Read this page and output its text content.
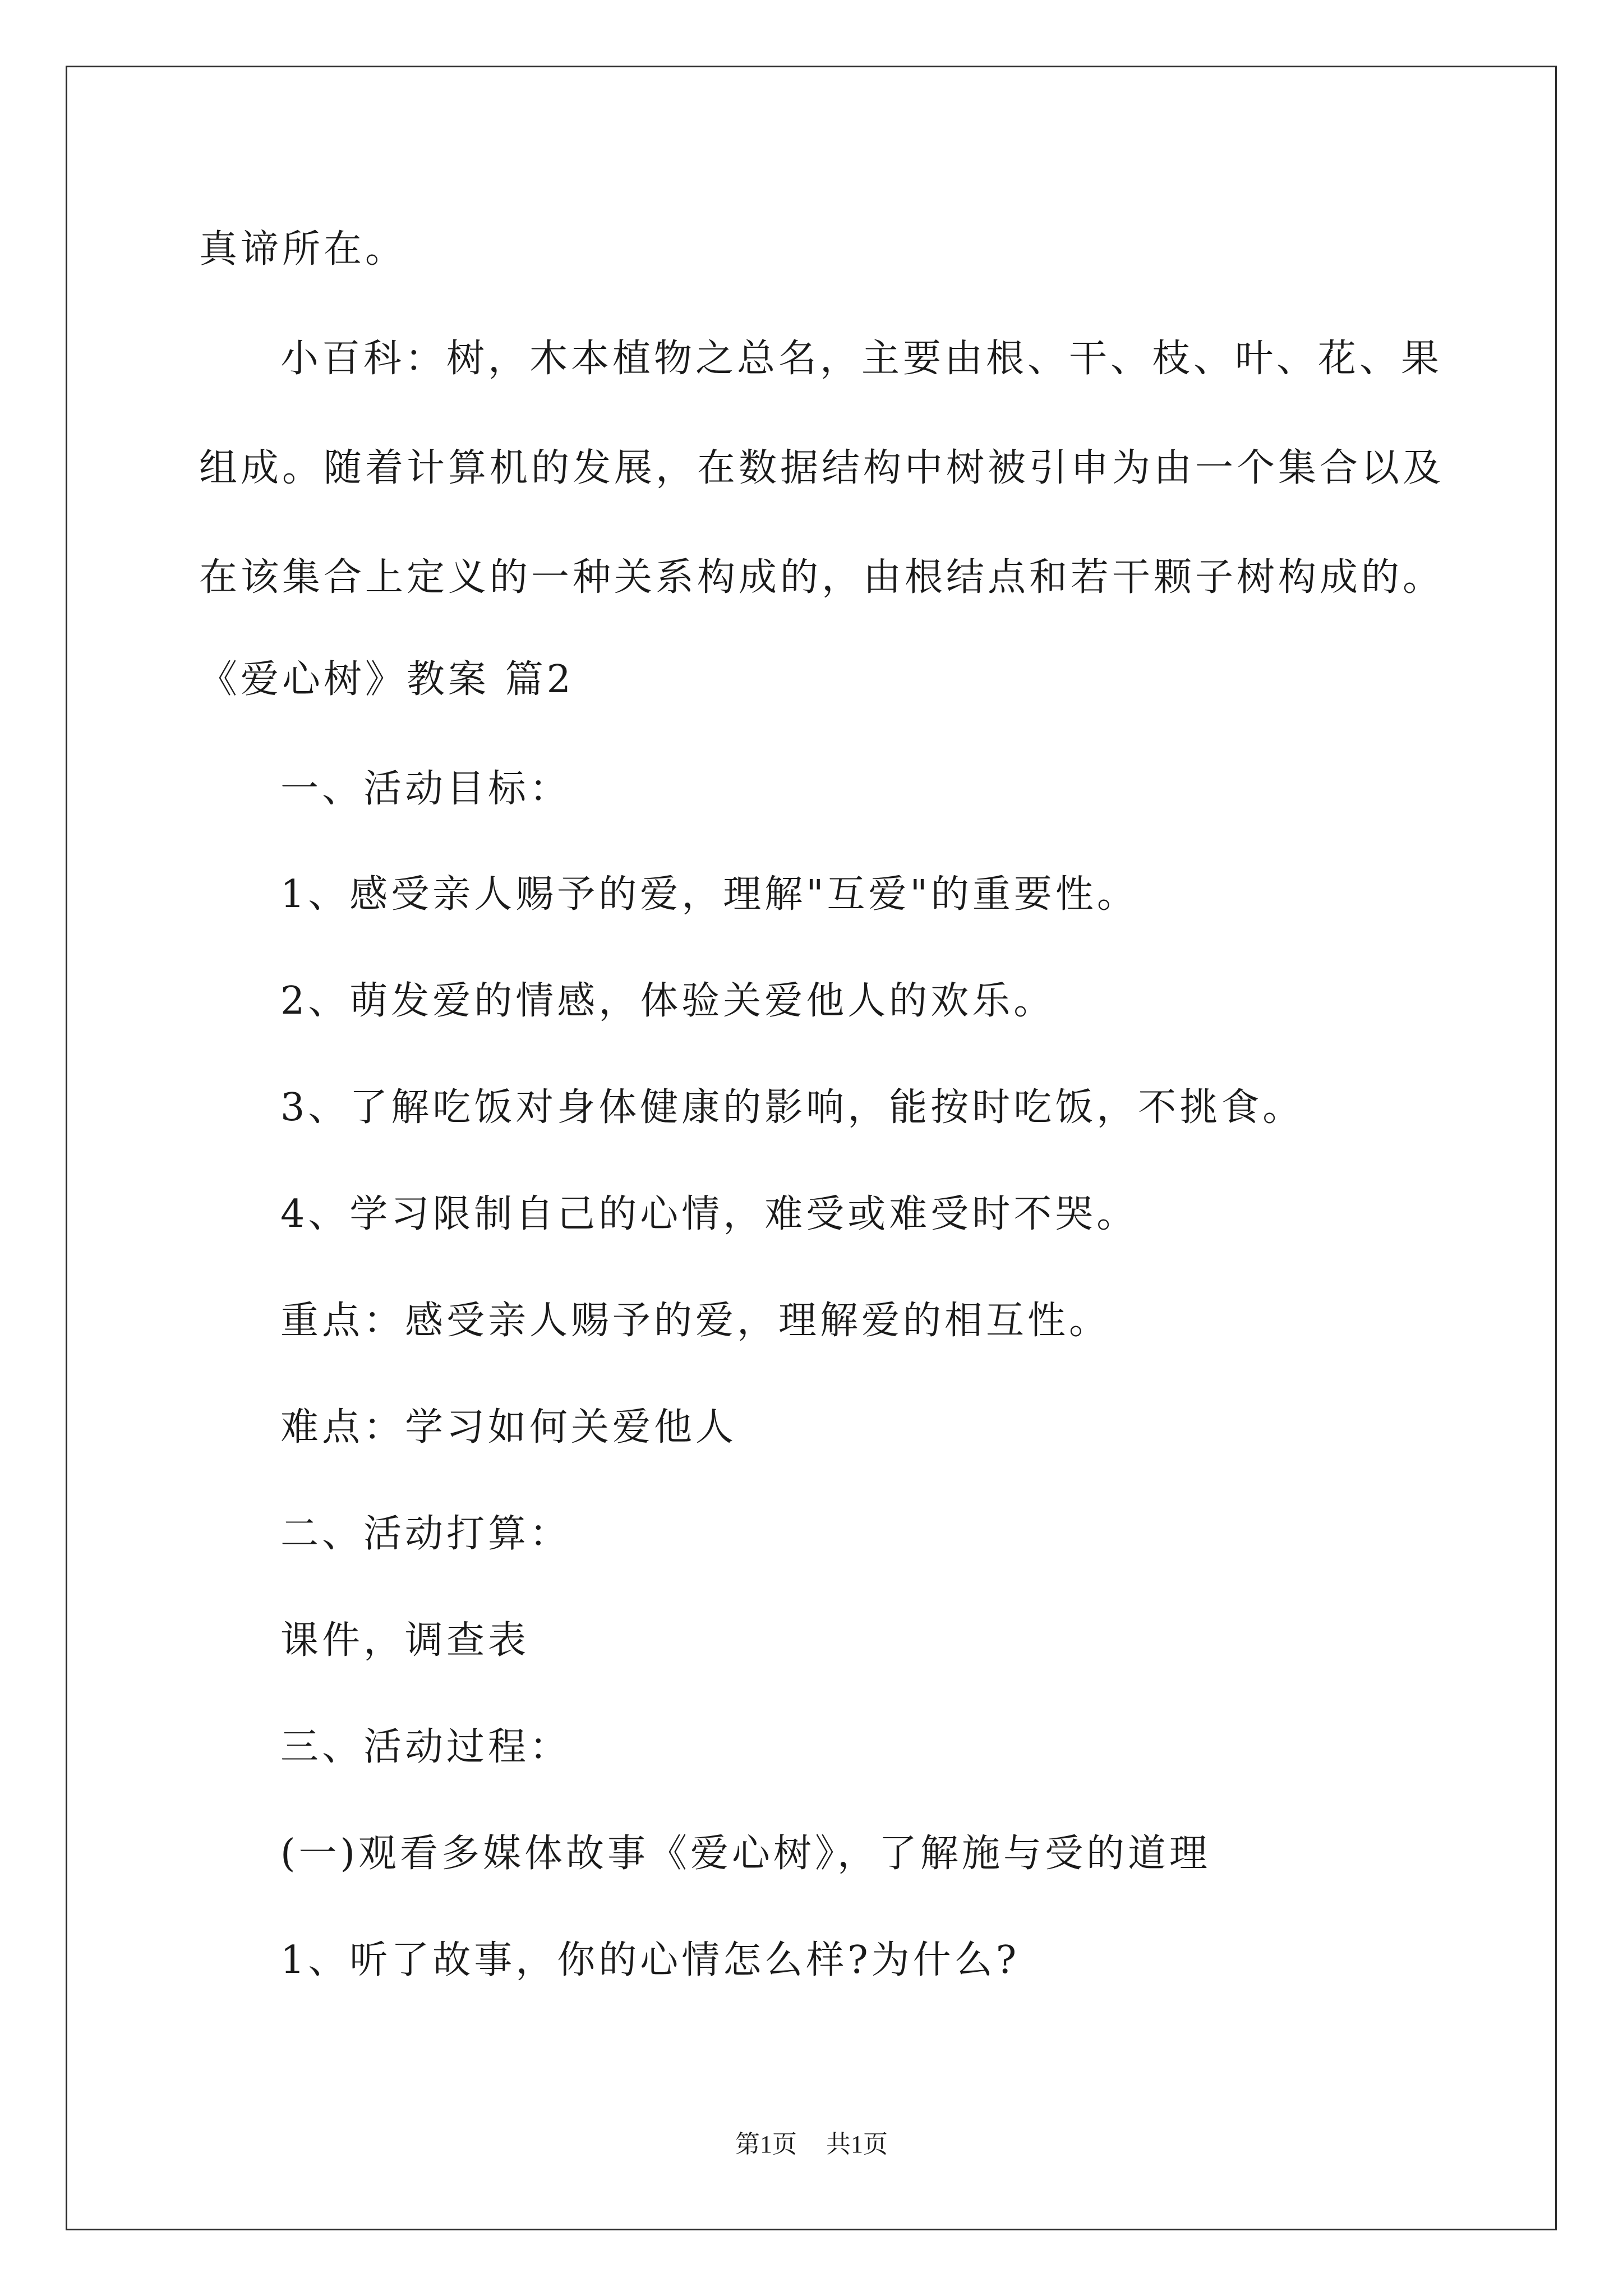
真谛所在。
小百科：树，木本植物之总名，主要由根、干、枝、叶、花、果
组成。随着计算机的发展，在数据结构中树被引申为由一个集合以及
在该集合上定义的一种关系构成的，由根结点和若干颗子树构成的。
《爱心树》教案 篇2
一、活动目标：
1、感受亲人赐予的爱，理解"互爱"的重要性。
2、萌发爱的情感，体验关爱他人的欢乐。
3、了解吃饭对身体健康的影响，能按时吃饭，不挑食。
4、学习限制自己的心情，难受或难受时不哭。
重点：感受亲人赐予的爱，理解爱的相互性。
难点：学习如何关爱他人
二、活动打算：
课件，调查表
三、活动过程：
(一)观看多媒体故事《爱心树》，了解施与受的道理
1、听了故事，你的心情怎么样?为什么?
第1页 共1页
